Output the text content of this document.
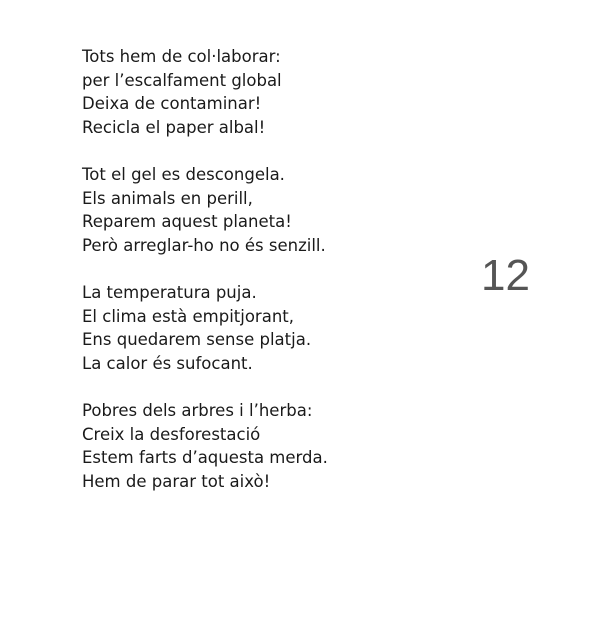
Tots hem de col·laborar:
per l’escalfament global
Deixa de contaminar!
Recicla el paper albal!
Tot el gel es descongela.
Els animals en perill,
Reparem aquest planeta!
Però arreglar-ho no és senzill.
La temperatura puja.
El clima està empitjorant,
Ens quedarem sense platja.
La calor és sufocant.
Pobres dels arbres i l’herba:
Creix la desforestació
Estem farts d’aquesta merda.
Hem de parar tot això!
12
